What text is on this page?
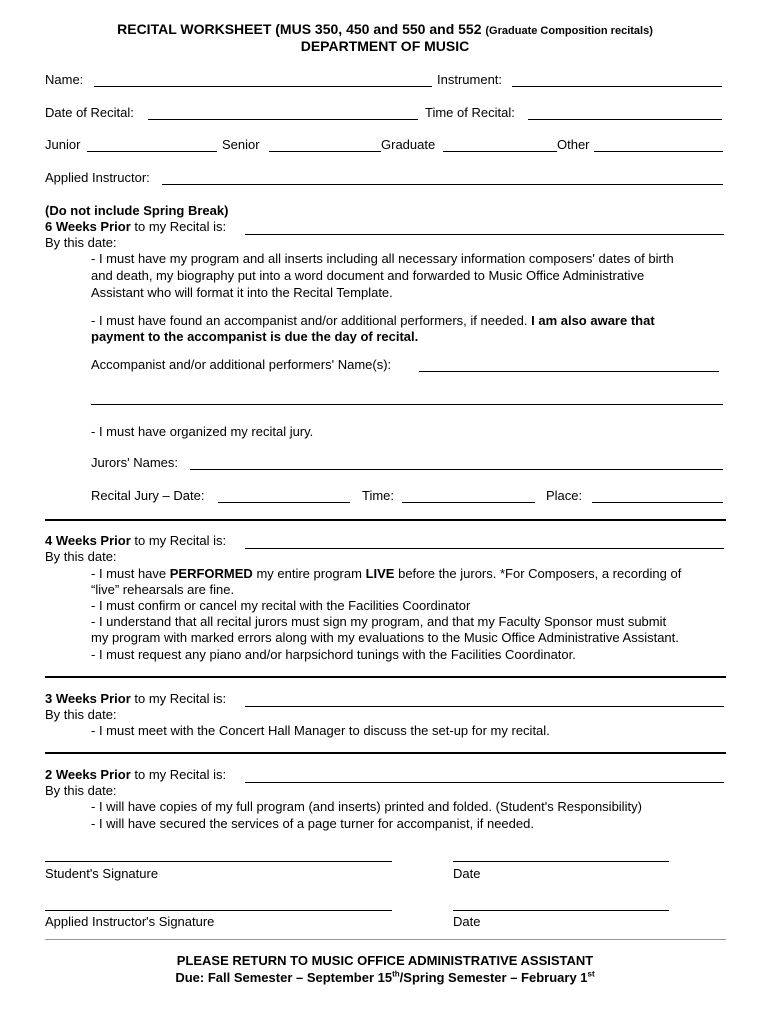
RECITAL WORKSHEET (MUS 350, 450 and 550 and 552 (Graduate Composition recitals)
DEPARTMENT OF MUSIC
Name:	Instrument:
Date of Recital:	Time of Recital:
Junior	Senior	Graduate	Other
Applied Instructor:
(Do not include Spring Break)
6 Weeks Prior to my Recital is:
By this date:
- I must have my program and all inserts including all necessary information composers' dates of birth
and death, my biography put into a word document and forwarded to Music Office Administrative
Assistant who will format it into the Recital Template.
- I must have found an accompanist and/or additional performers, if needed. I am also aware that
payment to the accompanist is due the day of recital.
Accompanist and/or additional performers' Name(s):
- I must have organized my recital jury.
Jurors' Names:
Recital Jury – Date:	Time:	Place:
4 Weeks Prior to my Recital is:
By this date:
- I must have PERFORMED my entire program LIVE before the jurors. *For Composers, a recording of
“live” rehearsals are fine.
- I must confirm or cancel my recital with the Facilities Coordinator
- I understand that all recital jurors must sign my program, and that my Faculty Sponsor must submit
my program with marked errors along with my evaluations to the Music Office Administrative Assistant.
- I must request any piano and/or harpsichord tunings with the Facilities Coordinator.
3 Weeks Prior to my Recital is:
By this date:
- I must meet with the Concert Hall Manager to discuss the set-up for my recital.
2 Weeks Prior to my Recital is:
By this date:
- I will have copies of my full program (and inserts) printed and folded. (Student's Responsibility)
- I will have secured the services of a page turner for accompanist, if needed.
Student's Signature	Date
Applied Instructor's Signature	Date
PLEASE RETURN TO MUSIC OFFICE ADMINISTRATIVE ASSISTANT
Due: Fall Semester – September 15th/Spring Semester – February 1st
